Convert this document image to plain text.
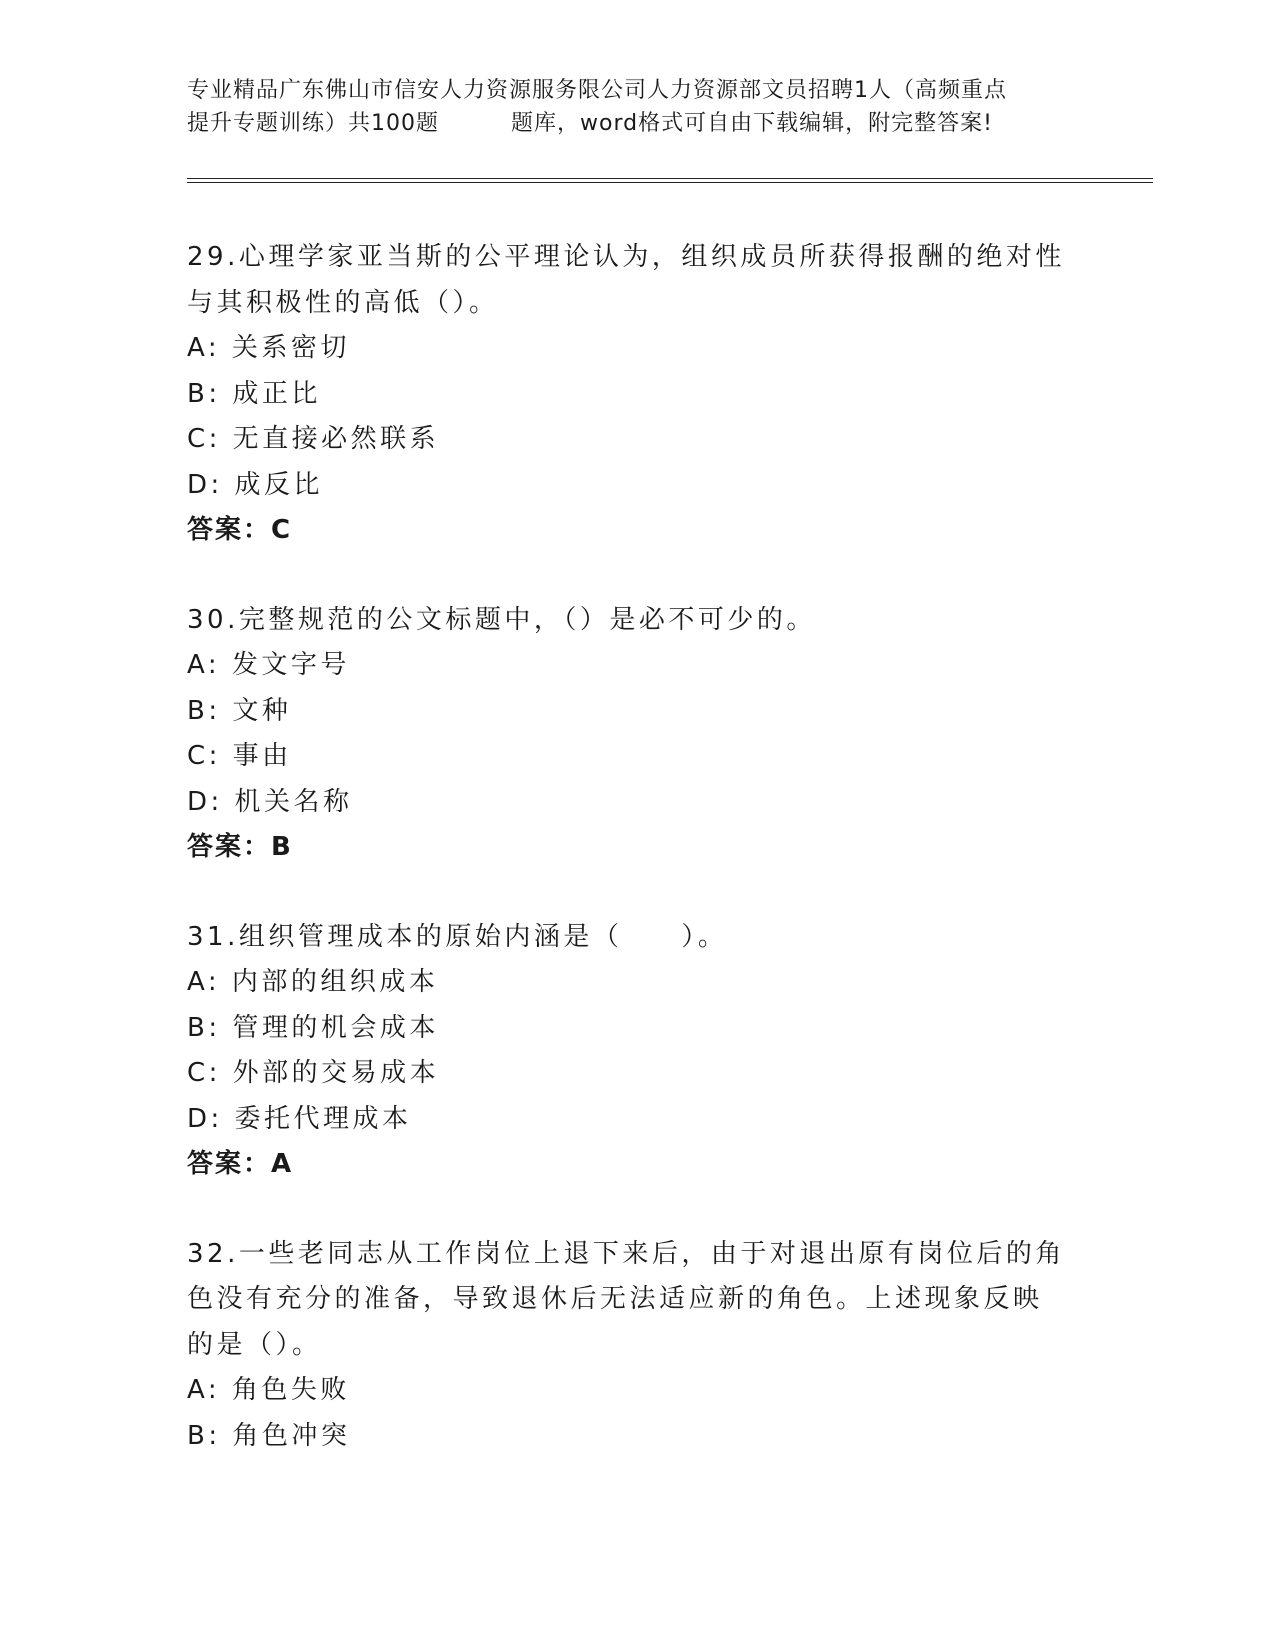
专业精品广东佛山市信安人力资源服务限公司人力资源部文员招聘1人（高频重点
提升专题训练）共100题	题库，word格式可自由下载编辑，附完整答案!
29.心理学家亚当斯的公平理论认为，组织成员所获得报酬的绝对性与其积极性的高低（）。
A: 关系密切
B: 成正比
C: 无直接必然联系
D: 成反比
答案：C
30.完整规范的公文标题中，（）是必不可少的。
A: 发文字号
B: 文种
C: 事由
D: 机关名称
答案：B
31.组织管理成本的原始内涵是（　　）。
A: 内部的组织成本
B: 管理的机会成本
C: 外部的交易成本
D: 委托代理成本
答案：A
32.一些老同志从工作岗位上退下来后，由于对退出原有岗位后的角色没有充分的准备，导致退休后无法适应新的角色。上述现象反映的是（）。
A: 角色失败
B: 角色冲突
